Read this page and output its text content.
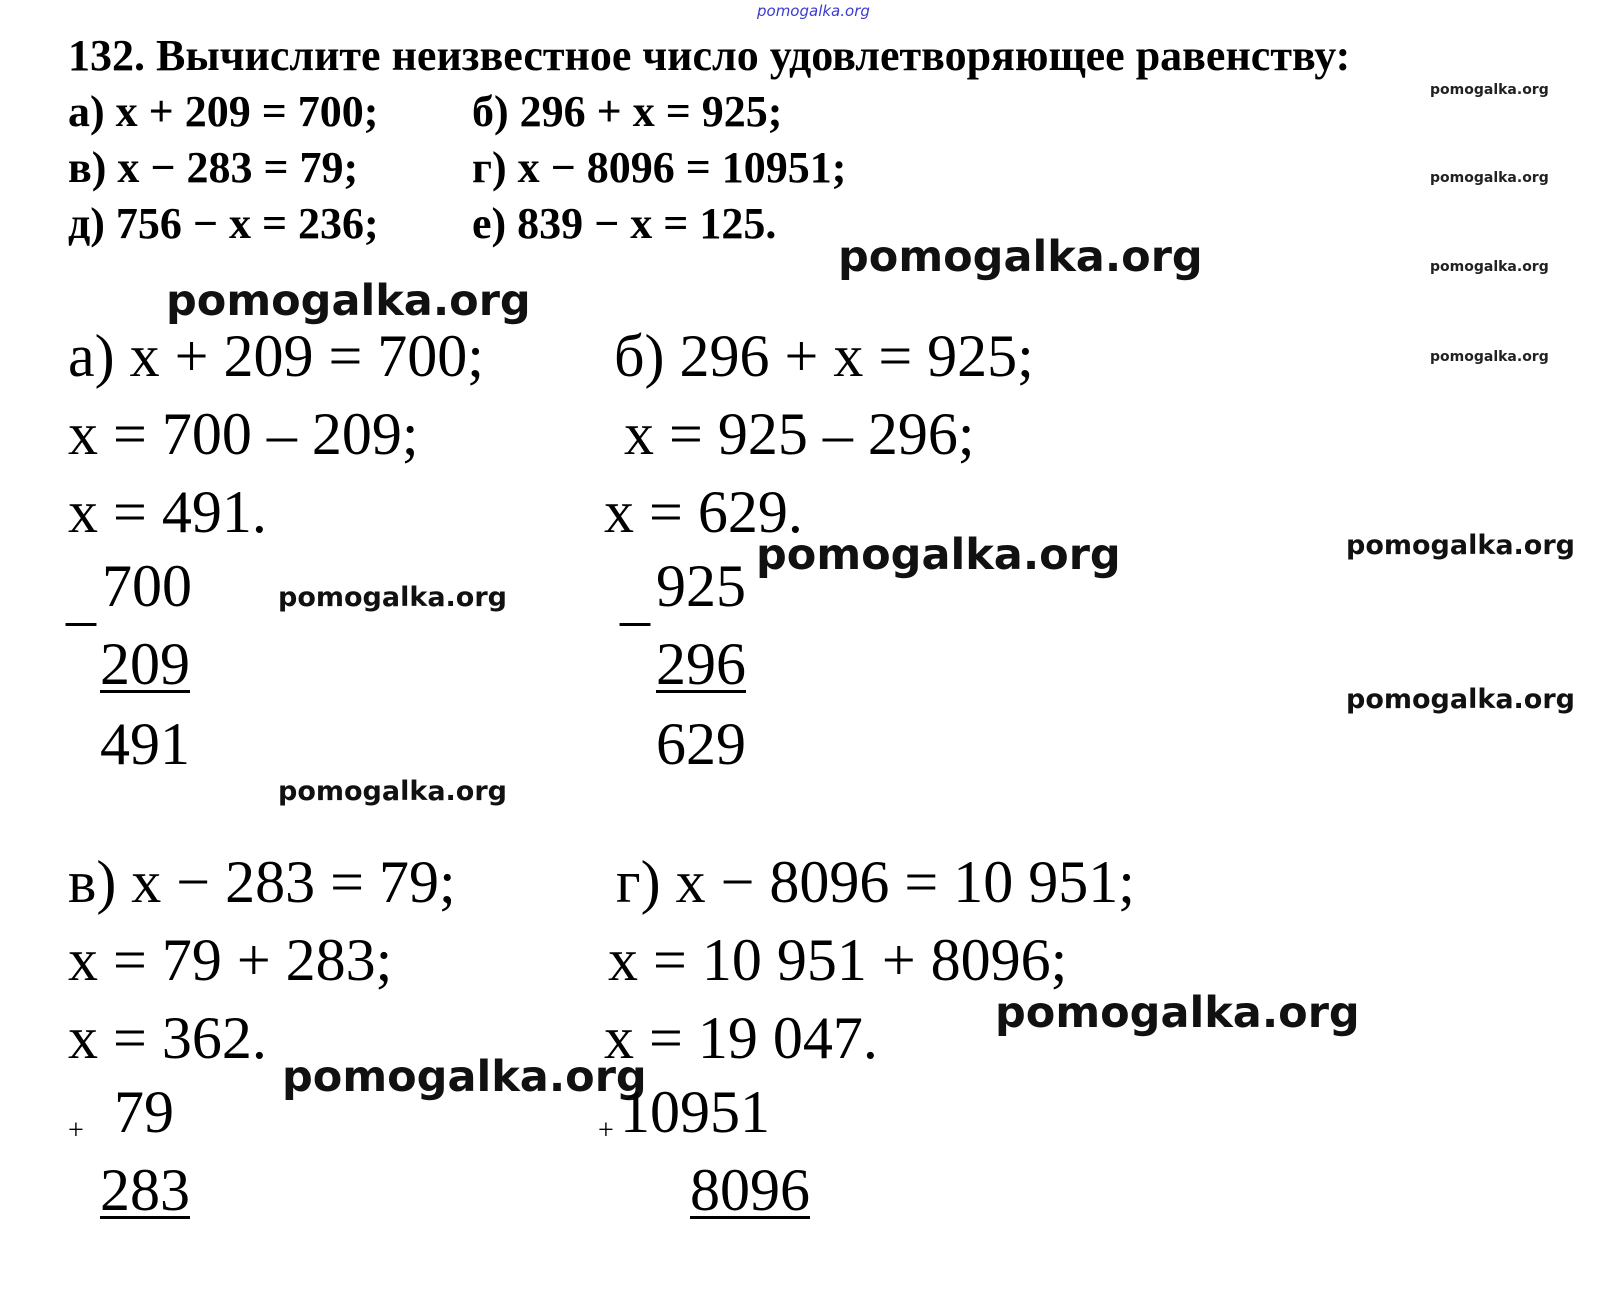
pomogalka.org
132. Вычислите неизвестное число удовлетворяющее равенству:
а) x + 209 = 700; б) 296 + x = 925;
в) x − 283 = 79;	г) x − 8096 = 10951;
д) 756 − x = 236; е) 839 − x = 125.
pomogalka.org
pomogalka.org
pomogalka.org
pomogalka.org
pomogalka.org
pomogalka.org
pomogalka.org
pomogalka.org
pomogalka.org
pomogalka.org
pomogalka.org
pomogalka.org
pomogalka.org
а) x + 209 = 700;
x = 700 – 209;
x = 491.
_ 700
209
491
б) 296 + x = 925;
x = 925 – 296;
x = 629.
_ 925
296
629
в) x − 283 = 79;
x = 79 + 283;
x = 362.
+ 79
283
г) x − 8096 = 10 951;
x = 10 951 + 8096;
x = 19 047.
+ 10951
8096
